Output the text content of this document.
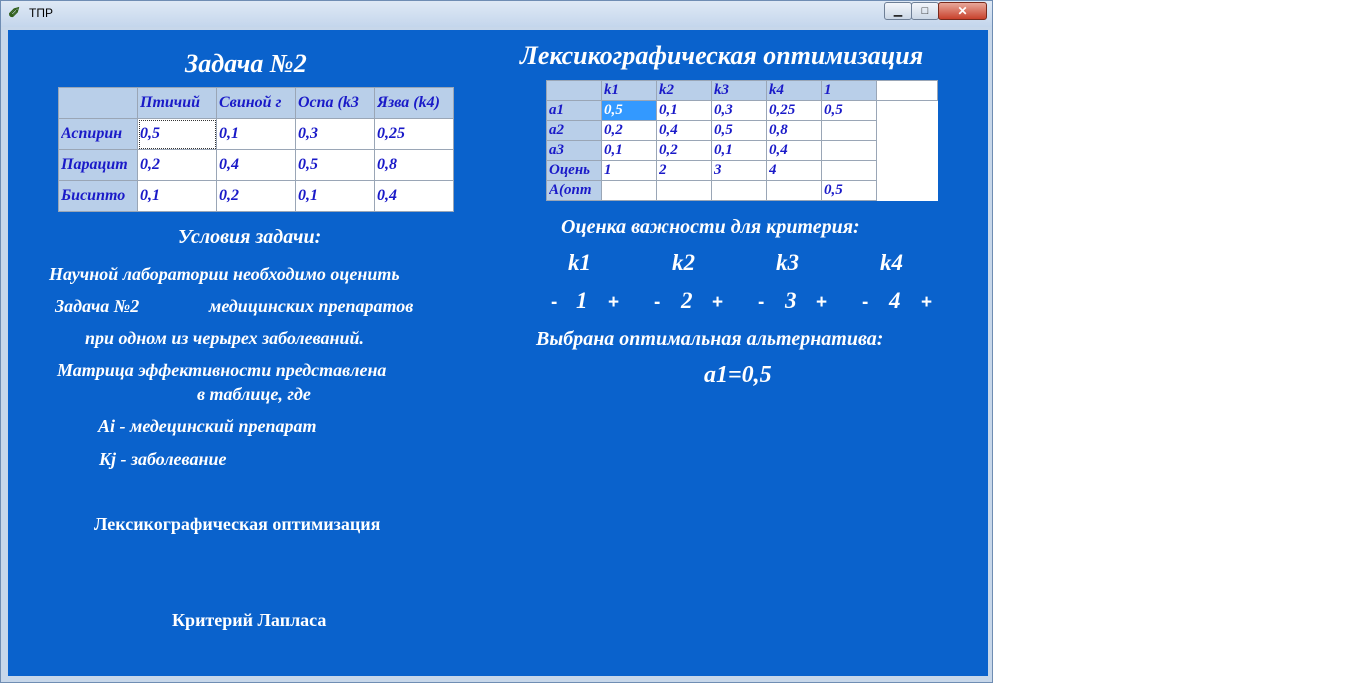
✐ ТПР	▁	□	✕
Задача №2

	Птичий	Свиной г	Оспа (k3	Язва (k4)

Аспирин	0,5	0,1	0,3	0,25

Парацит	0,2	0,4	0,5	0,8

Бисипто	0,1	0,2	0,1	0,4
Условия задачи:
Научной лаборатории необходимо оценить
Задача №2	медицинских препаратов
при одном из черырех заболеваний.
Матрица эффективности представлена
в таблице, где
Ai - медецинский препарат
Kj - заболевание
Лексикографическая оптимизация
Критерий Лапласа
Лексикографическая оптимизация

	k1	k2	k3	k4	1	

a1	0,5	0,1	0,3	0,25	0,5	

a2	0,2	0,4	0,5	0,8		

a3	0,1	0,2	0,1	0,4		

Оцень	1	2	3	4		

A(опт					0,5	

Оценка важности для критерия:
k1	k2	k3	k4
- 1 + - 2 + - 3 + - 4 +
Выбрана оптимальная альтернатива:
a1=0,5
